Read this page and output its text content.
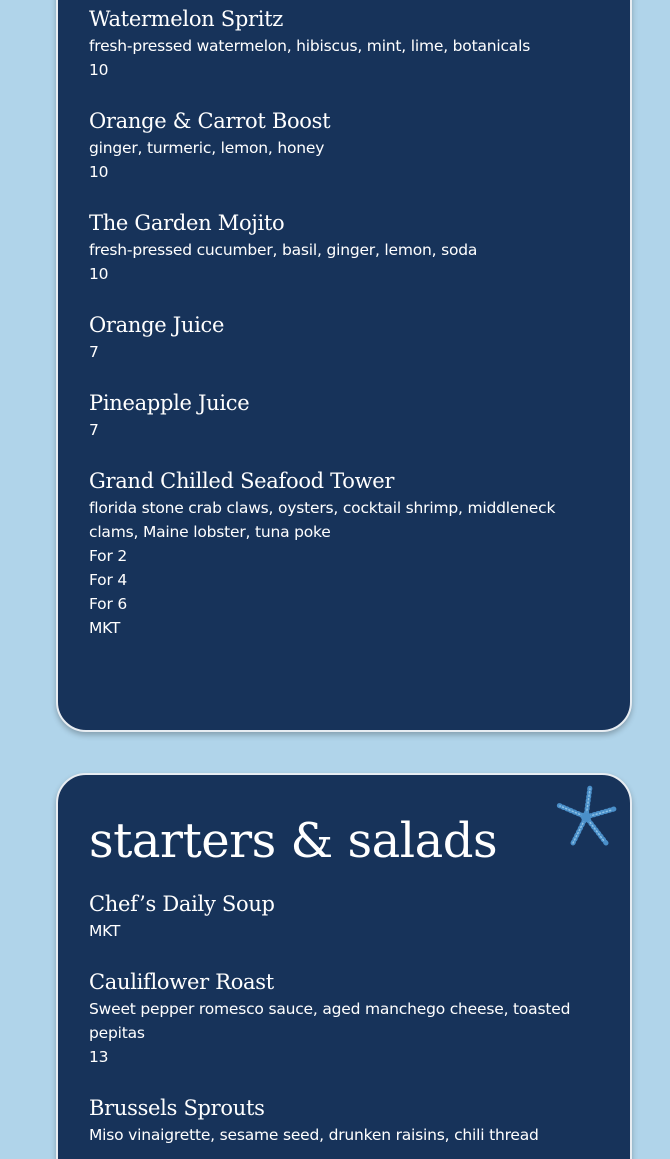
Watermelon Spritz
fresh-pressed watermelon, hibiscus, mint, lime, botanicals
10
Orange & Carrot Boost
ginger, turmeric, lemon, honey
10
The Garden Mojito
fresh-pressed cucumber, basil, ginger, lemon, soda
10
Orange Juice
7
Pineapple Juice
7
Grand Chilled Seafood Tower
florida stone crab claws, oysters, cocktail shrimp, middleneck clams, Maine lobster, tuna poke
For 2
For 4
For 6
MKT
starters & salads
Chef’s Daily Soup
MKT
Cauliflower Roast
Sweet pepper romesco sauce, aged manchego cheese, toasted pepitas
13
Brussels Sprouts
Miso vinaigrette, sesame seed, drunken raisins, chili thread
